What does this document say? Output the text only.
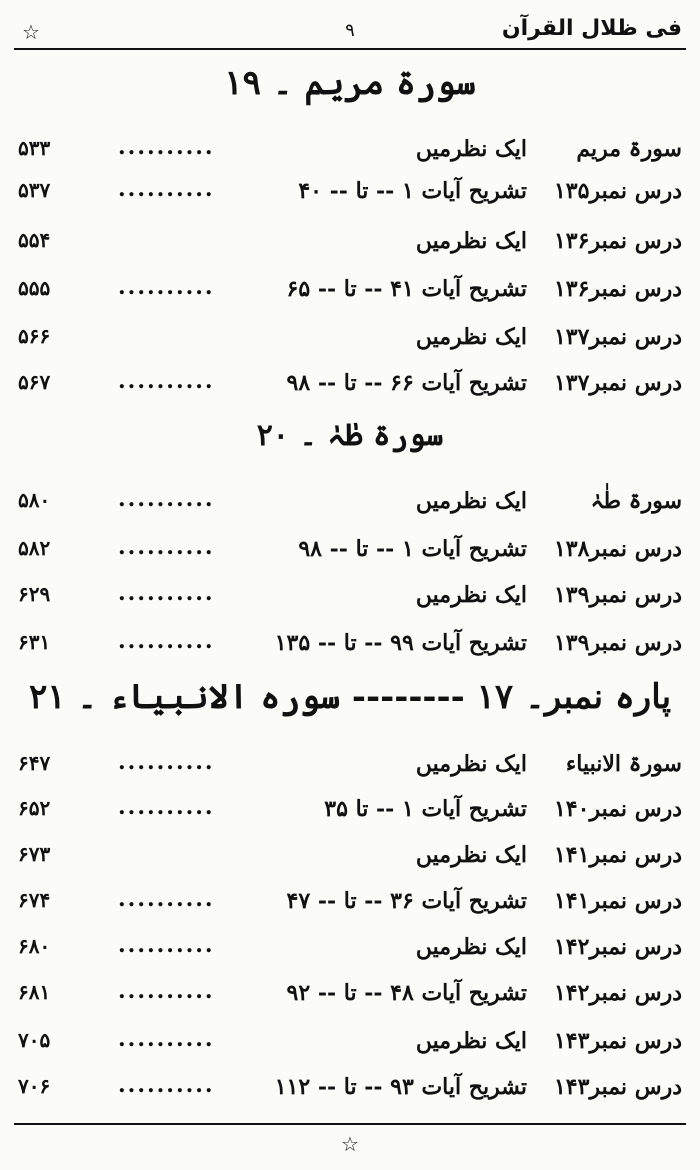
☆	۹	فی ظلال القرآن
سورۃ مریم ۔ ۱۹
سورۃ مریم
ایک نظرمیں
..........
۵۳۳
درس نمبر۱۳۵
تشریح آیات ۱ -- تا -- ۴۰
..........
۵۳۷
درس نمبر۱۳۶
ایک نظرمیں
۵۵۴
درس نمبر۱۳۶
تشریح آیات ۴۱ -- تا -- ۶۵
..........
۵۵۵
درس نمبر۱۳۷
ایک نظرمیں
۵۶۶
درس نمبر۱۳۷
تشریح آیات ۶۶ -- تا -- ۹۸
..........
۵۶۷
سورۃ طٰہٰ ۔ ۲۰
سورۃ طٰہٰ
ایک نظرمیں
..........
۵۸۰
درس نمبر۱۳۸
تشریح آیات ۱ -- تا -- ۹۸
..........
۵۸۲
درس نمبر۱۳۹
ایک نظرمیں
..........
۶۲۹
درس نمبر۱۳۹
تشریح آیات ۹۹ -- تا -- ۱۳۵
..........
۶۳۱
پارہ نمبر۔ ۱۷ -------- سورہ الانبیاء ۔ ۲۱
سورۃ الانبیاء
ایک نظرمیں
..........
۶۴۷
درس نمبر۱۴۰
تشریح آیات ۱ -- تا ۳۵
..........
۶۵۲
درس نمبر۱۴۱
ایک نظرمیں
۶۷۳
درس نمبر۱۴۱
تشریح آیات ۳۶ -- تا -- ۴۷
..........
۶۷۴
درس نمبر۱۴۲
ایک نظرمیں
..........
۶۸۰
درس نمبر۱۴۲
تشریح آیات ۴۸ -- تا -- ۹۲
..........
۶۸۱
درس نمبر۱۴۳
ایک نظرمیں
..........
۷۰۵
درس نمبر۱۴۳
تشریح آیات ۹۳ -- تا -- ۱۱۲
..........
۷۰۶
☆
